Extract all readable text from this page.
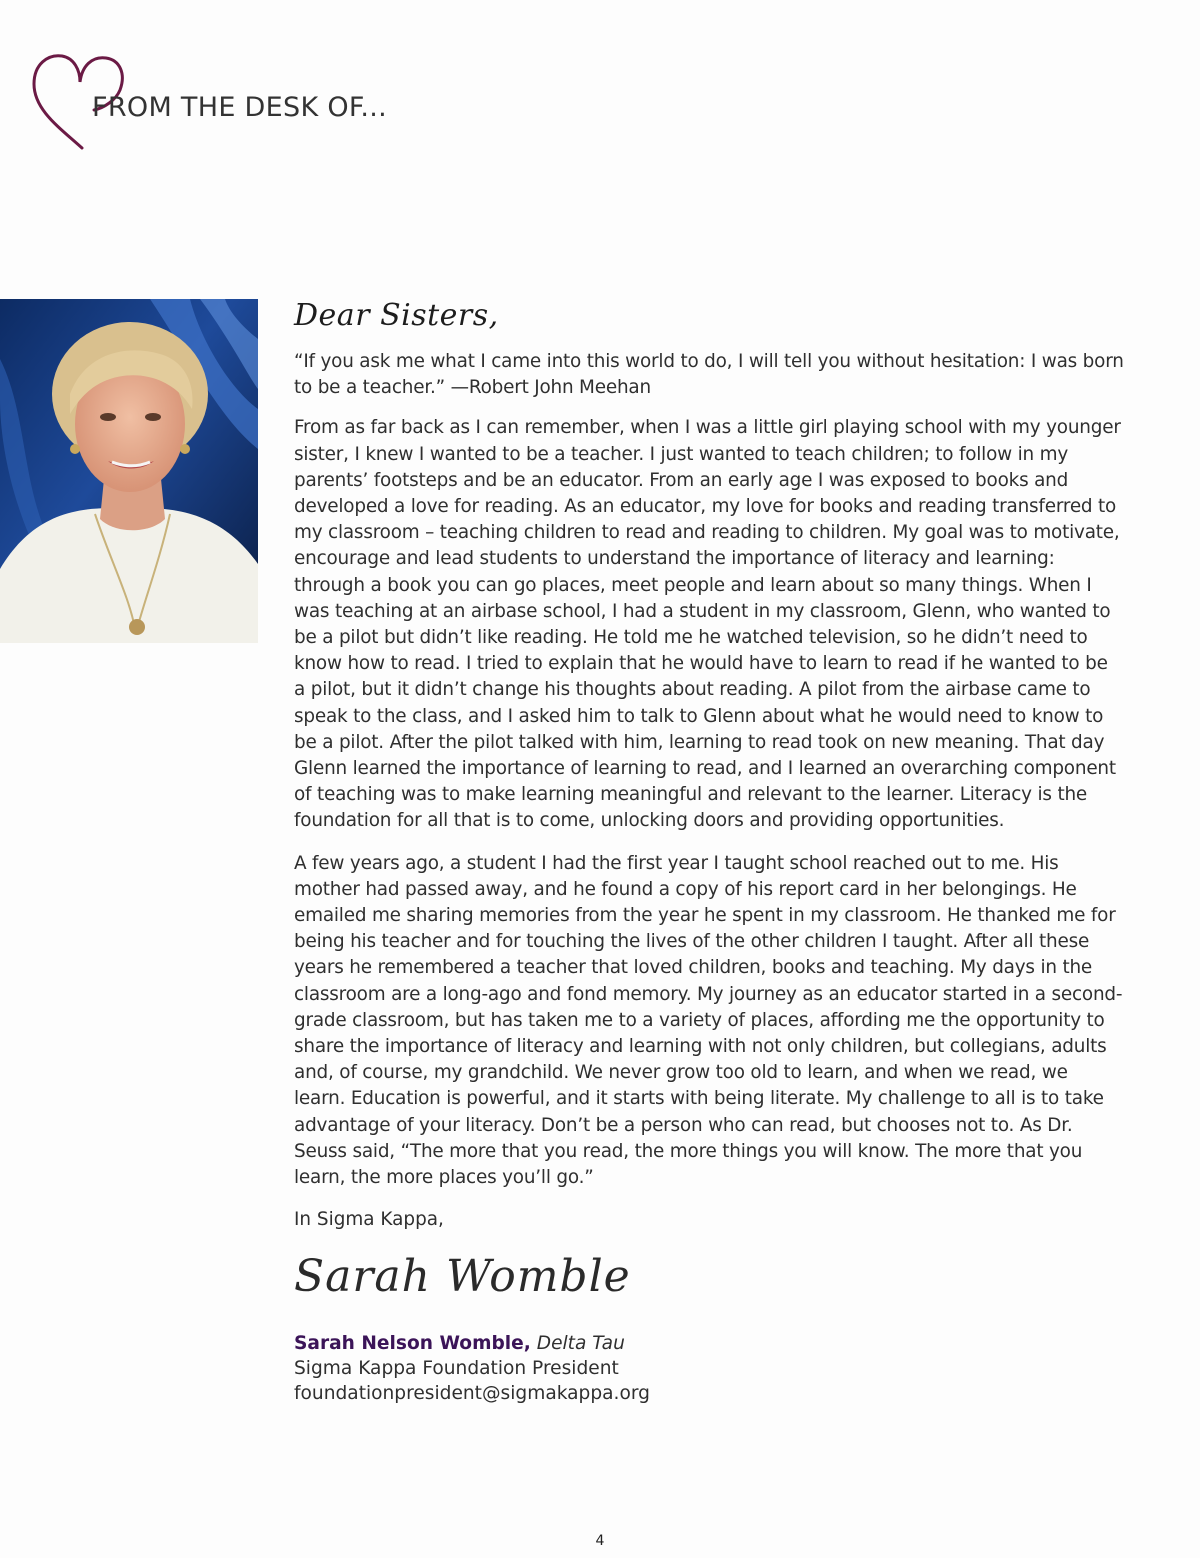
FROM THE DESK OF...

Dear Sisters,

“If you ask me what I came into this world to do, I will tell you without hesitation: I was born to be a teacher.” —Robert John Meehan

From as far back as I can remember, when I was a little girl playing school with my younger sister, I knew I wanted to be a teacher. I just wanted to teach children; to follow in my parents’ footsteps and be an educator. From an early age I was exposed to books and developed a love for reading. As an educator, my love for books and reading transferred to my classroom – teaching children to read and reading to children. My goal was to motivate, encourage and lead students to understand the importance of literacy and learning: through a book you can go places, meet people and learn about so many things. When I was teaching at an airbase school, I had a student in my classroom, Glenn, who wanted to be a pilot but didn’t like reading. He told me he watched television, so he didn’t need to know how to read. I tried to explain that he would have to learn to read if he wanted to be a pilot, but it didn’t change his thoughts about reading. A pilot from the airbase came to speak to the class, and I asked him to talk to Glenn about what he would need to know to be a pilot. After the pilot talked with him, learning to read took on new meaning. That day Glenn learned the importance of learning to read, and I learned an overarching component of teaching was to make learning meaningful and relevant to the learner. Literacy is the foundation for all that is to come, unlocking doors and providing opportunities.

A few years ago, a student I had the first year I taught school reached out to me. His mother had passed away, and he found a copy of his report card in her belongings. He emailed me sharing memories from the year he spent in my classroom. He thanked me for being his teacher and for touching the lives of the other children I taught. After all these years he remembered a teacher that loved children, books and teaching. My days in the classroom are a long-ago and fond memory. My journey as an educator started in a second-grade classroom, but has taken me to a variety of places, affording me the opportunity to share the importance of literacy and learning with not only children, but collegians, adults and, of course, my grandchild. We never grow too old to learn, and when we read, we learn. Education is powerful, and it starts with being literate. My challenge to all is to take advantage of your literacy. Don’t be a person who can read, but chooses not to. As Dr. Seuss said, “The more that you read, the more things you will know. The more that you learn, the more places you’ll go.”

In Sigma Kappa,

Sarah Womble
Sarah Nelson Womble, Delta Tau
Sigma Kappa Foundation President
foundationpresident@sigmakappa.org
4
